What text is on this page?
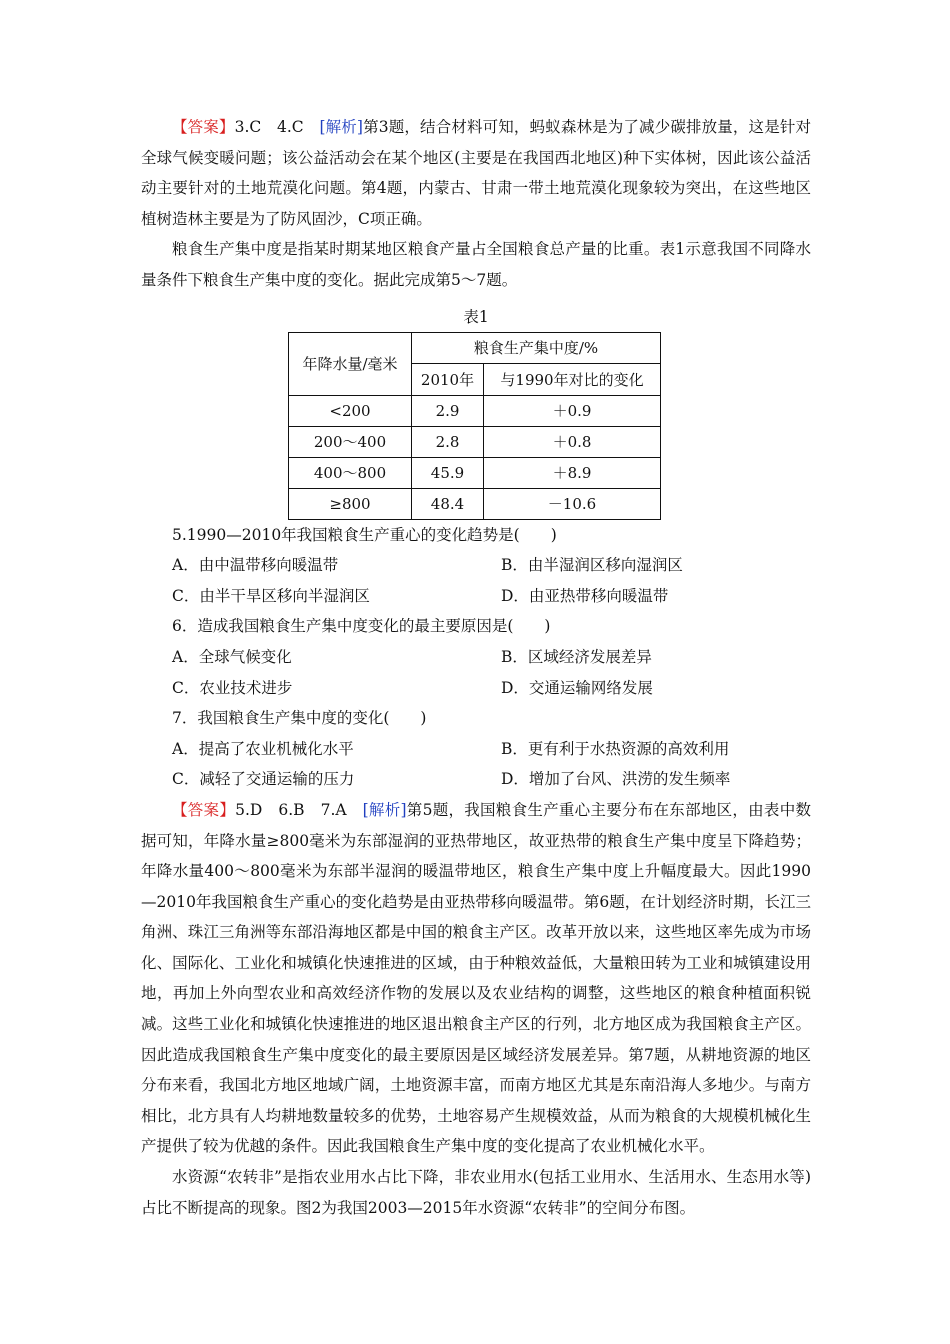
【答案】3.C　4.C　[解析]第3题，结合材料可知，蚂蚁森林是为了减少碳排放量，这是针对全球气候变暖问题；该公益活动会在某个地区(主要是在我国西北地区)种下实体树，因此该公益活动主要针对的土地荒漠化问题。第4题，内蒙古、甘肃一带土地荒漠化现象较为突出，在这些地区植树造林主要是为了防风固沙，C项正确。

粮食生产集中度是指某时期某地区粮食产量占全国粮食总产量的比重。表1示意我国不同降水量条件下粮食生产集中度的变化。据此完成第5～7题。

表1
年降水量/毫米	粮食生产集中度/%	
	2010年	与1990年对比的变化
<200	2.9	＋0.9
200～400	2.8	＋0.8
400～800	45.9	＋8.9
≥800	48.4	－10.6

5.1990—2010年我国粮食生产重心的变化趋势是(　　)

A．由中温带移向暖温带	B．由半湿润区移向湿润区
C．由半干旱区移向半湿润区	D．由亚热带移向暖温带

6．造成我国粮食生产集中度变化的最主要原因是(　　)

A．全球气候变化	B．区域经济发展差异
C．农业技术进步	D．交通运输网络发展

7．我国粮食生产集中度的变化(　　)

A．提高了农业机械化水平	B．更有利于水热资源的高效利用
C．减轻了交通运输的压力	D．增加了台风、洪涝的发生频率

【答案】5.D　6.B　7.A　[解析]第5题，我国粮食生产重心主要分布在东部地区，由表中数据可知，年降水量≥800毫米为东部湿润的亚热带地区，故亚热带的粮食生产集中度呈下降趋势；年降水量400～800毫米为东部半湿润的暖温带地区，粮食生产集中度上升幅度最大。因此1990—2010年我国粮食生产重心的变化趋势是由亚热带移向暖温带。第6题，在计划经济时期，长江三角洲、珠江三角洲等东部沿海地区都是中国的粮食主产区。改革开放以来，这些地区率先成为市场化、国际化、工业化和城镇化快速推进的区域，由于种粮效益低，大量粮田转为工业和城镇建设用地，再加上外向型农业和高效经济作物的发展以及农业结构的调整，这些地区的粮食种植面积锐减。这些工业化和城镇化快速推进的地区退出粮食主产区的行列，北方地区成为我国粮食主产区。因此造成我国粮食生产集中度变化的最主要原因是区域经济发展差异。第7题，从耕地资源的地区分布来看，我国北方地区地域广阔，土地资源丰富，而南方地区尤其是东南沿海人多地少。与南方相比，北方具有人均耕地数量较多的优势，土地容易产生规模效益，从而为粮食的大规模机械化生产提供了较为优越的条件。因此我国粮食生产集中度的变化提高了农业机械化水平。

水资源“农转非”是指农业用水占比下降，非农业用水(包括工业用水、生活用水、生态用水等)占比不断提高的现象。图2为我国2003—2015年水资源“农转非”的空间分布图。
